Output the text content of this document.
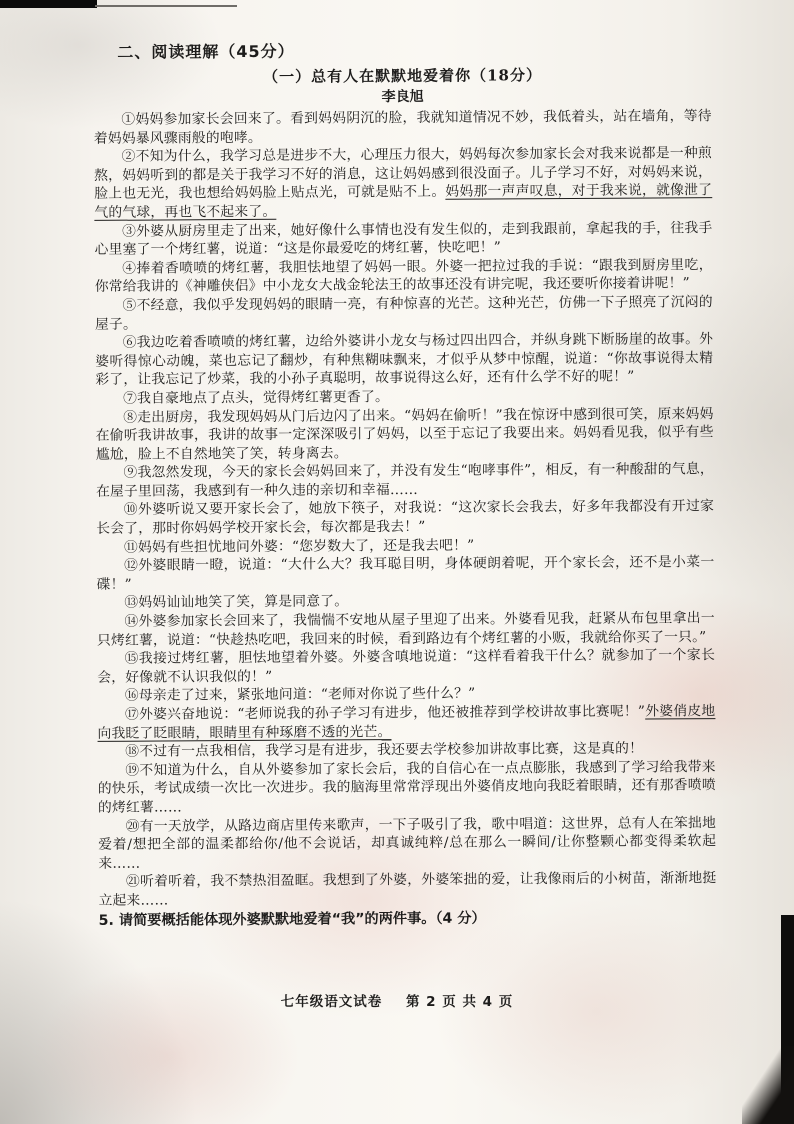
二、阅读理解（45分）
（一）总有人在默默地爱着你（18分）
李良旭

①妈妈参加家长会回来了。看到妈妈阴沉的脸，我就知道情况不妙，我低着头，站在墙角，等待着妈妈暴风骤雨般的咆哮。

②不知为什么，我学习总是进步不大，心理压力很大，妈妈每次参加家长会对我来说都是一种煎熬，妈妈听到的都是关于我学习不好的消息，这让妈妈感到很没面子。儿子学习不好，对妈妈来说，脸上也无光，我也想给妈妈脸上贴点光，可就是贴不上。妈妈那一声声叹息，对于我来说，就像泄了气的气球，再也飞不起来了。

③外婆从厨房里走了出来，她好像什么事情也没有发生似的，走到我跟前，拿起我的手，往我手心里塞了一个烤红薯，说道：“这是你最爱吃的烤红薯，快吃吧！”

④捧着香喷喷的烤红薯，我胆怯地望了妈妈一眼。外婆一把拉过我的手说：“跟我到厨房里吃，你常给我讲的《神雕侠侣》中小龙女大战金轮法王的故事还没有讲完呢，我还要听你接着讲呢！”

⑤不经意，我似乎发现妈妈的眼睛一亮，有种惊喜的光芒。这种光芒，仿佛一下子照亮了沉闷的屋子。

⑥我边吃着香喷喷的烤红薯，边给外婆讲小龙女与杨过四出四合，并纵身跳下断肠崖的故事。外婆听得惊心动魄，菜也忘记了翻炒，有种焦糊味飘来，才似乎从梦中惊醒，说道：“你故事说得太精彩了，让我忘记了炒菜，我的小孙子真聪明，故事说得这么好，还有什么学不好的呢！”

⑦我自豪地点了点头，觉得烤红薯更香了。

⑧走出厨房，我发现妈妈从门后边闪了出来。“妈妈在偷听！”我在惊讶中感到很可笑，原来妈妈在偷听我讲故事，我讲的故事一定深深吸引了妈妈，以至于忘记了我要出来。妈妈看见我，似乎有些尴尬，脸上不自然地笑了笑，转身离去。

⑨我忽然发现，今天的家长会妈妈回来了，并没有发生“咆哮事件”，相反，有一种酸甜的气息，在屋子里回荡，我感到有一种久违的亲切和幸福……

⑩外婆听说又要开家长会了，她放下筷子，对我说：“这次家长会我去，好多年我都没有开过家长会了，那时你妈妈学校开家长会，每次都是我去！”

⑪妈妈有些担忧地问外婆：“您岁数大了，还是我去吧！”

⑫外婆眼睛一瞪，说道：“大什么大？我耳聪目明，身体硬朗着呢，开个家长会，还不是小菜一碟！”

⑬妈妈讪讪地笑了笑，算是同意了。

⑭外婆参加家长会回来了，我惴惴不安地从屋子里迎了出来。外婆看见我，赶紧从布包里拿出一只烤红薯，说道：“快趁热吃吧，我回来的时候，看到路边有个烤红薯的小贩，我就给你买了一只。”

⑮我接过烤红薯，胆怯地望着外婆。外婆含嗔地说道：“这样看着我干什么？就参加了一个家长会，好像就不认识我似的！”

⑯母亲走了过来，紧张地问道：“老师对你说了些什么？”

⑰外婆兴奋地说：“老师说我的孙子学习有进步，他还被推荐到学校讲故事比赛呢！”外婆俏皮地向我眨了眨眼睛，眼睛里有种琢磨不透的光芒。

⑱不过有一点我相信，我学习是有进步，我还要去学校参加讲故事比赛，这是真的！

⑲不知道为什么，自从外婆参加了家长会后，我的自信心在一点点膨胀，我感到了学习给我带来的快乐，考试成绩一次比一次进步。我的脑海里常常浮现出外婆俏皮地向我眨着眼睛，还有那香喷喷的烤红薯……

⑳有一天放学，从路边商店里传来歌声，一下子吸引了我，歌中唱道：这世界，总有人在笨拙地爱着/想把全部的温柔都给你/他不会说话，却真诚纯粹/总在那么一瞬间/让你整颗心都变得柔软起来……

㉑听着听着，我不禁热泪盈眶。我想到了外婆，外婆笨拙的爱，让我像雨后的小树苗，渐渐地挺立起来……

5. 请简要概括能体现外婆默默地爱着“我”的两件事。（4 分）
七年级语文试卷 第 2 页 共 4 页
